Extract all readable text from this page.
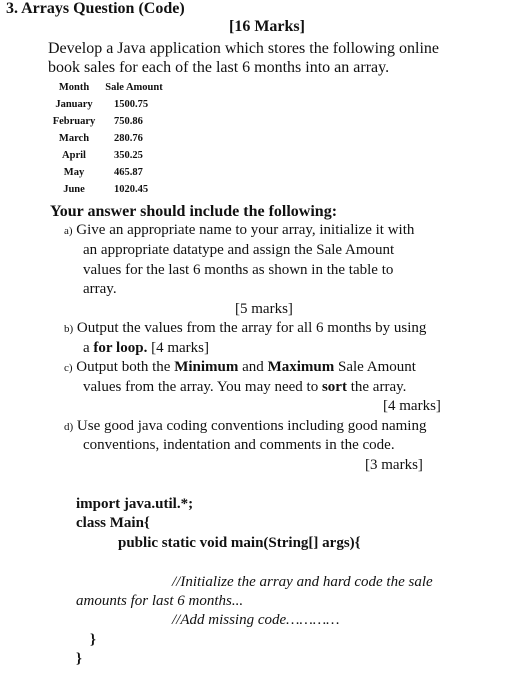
3. Arrays Question (Code)
[16 Marks]
Develop a Java application which stores the following online
book sales for each of the last 6 months into an array.
Month	Sale Amount
January	1500.75
February	750.86
March	280.76
April	350.25
May	465.87
June	1020.45
Your answer should include the following:
a) Give an appropriate name to your array, initialize it with
an appropriate datatype and assign the Sale Amount
values for the last 6 months as shown in the table to
array.
[5 marks]
b) Output the values from the array for all 6 months by using
a for loop. [4 marks]
c) Output both the Minimum and Maximum Sale Amount
values from the array. You may need to sort the array.
[4 marks]
d) Use good java coding conventions including good naming
conventions, indentation and comments in the code.
[3 marks]
import java.util.*;
class Main{
public static void main(String[] args){
//Initialize the array and hard code the sale
amounts for last 6 months...
//Add missing code…………
}
}
